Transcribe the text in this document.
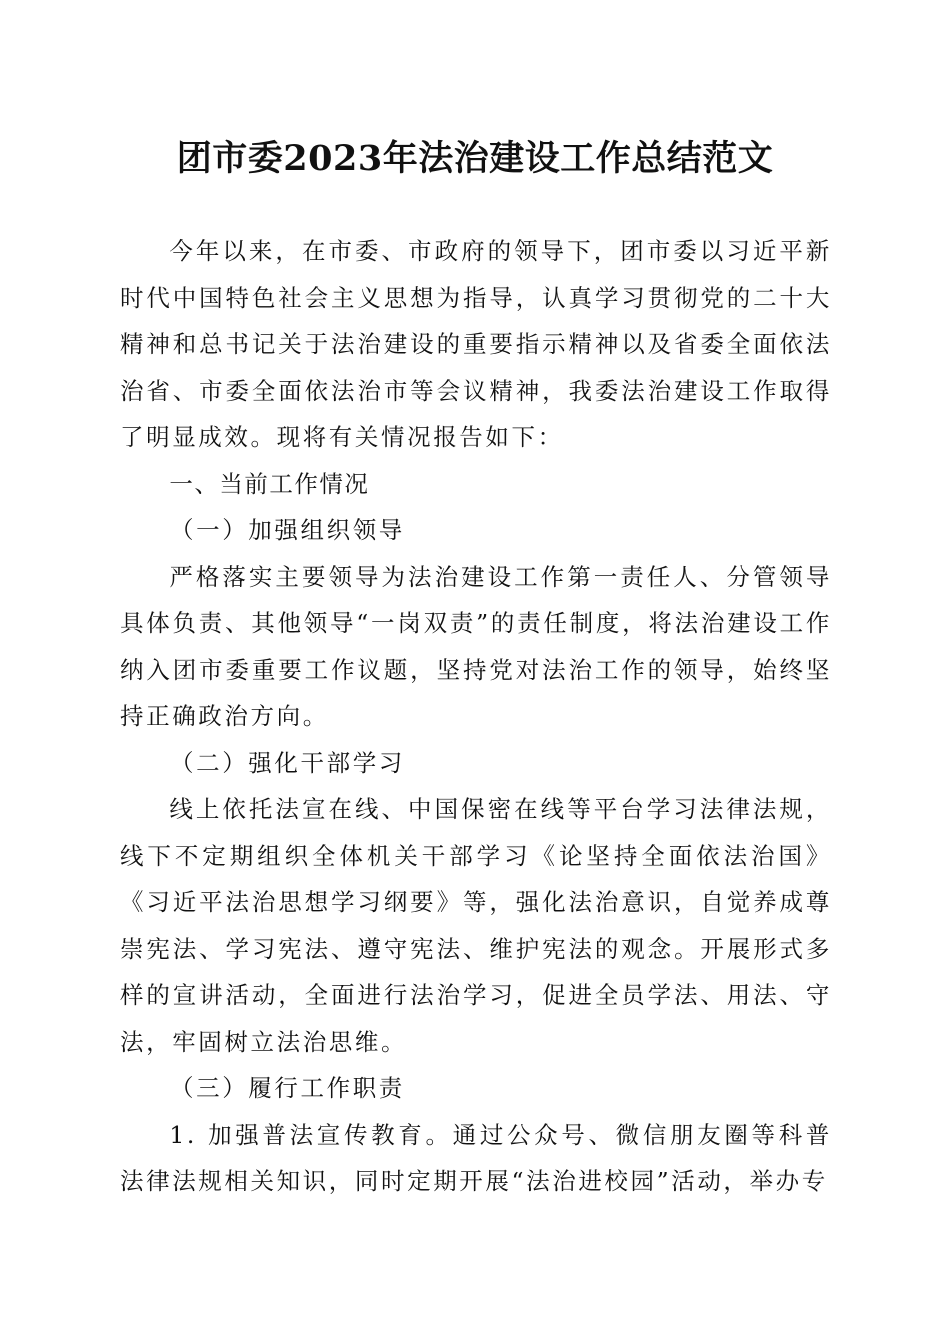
团市委2023年法治建设工作总结范文

今年以来，在市委、市政府的领导下，团市委以习近平新时代中国特色社会主义思想为指导，认真学习贯彻党的二十大精神和总书记关于法治建设的重要指示精神以及省委全面依法治省、市委全面依法治市等会议精神，我委法治建设工作取得了明显成效。现将有关情况报告如下：

一、当前工作情况
（一）加强组织领导

严格落实主要领导为法治建设工作第一责任人、分管领导具体负责、其他领导“一岗双责”的责任制度，将法治建设工作纳入团市委重要工作议题，坚持党对法治工作的领导，始终坚持正确政治方向。

（二）强化干部学习

线上依托法宣在线、中国保密在线等平台学习法律法规，线下不定期组织全体机关干部学习《论坚持全面依法治国》《习近平法治思想学习纲要》等，强化法治意识，自觉养成尊崇宪法、学习宪法、遵守宪法、维护宪法的观念。开展形式多样的宣讲活动，全面进行法治学习，促进全员学法、用法、守法，牢固树立法治思维。

（三）履行工作职责

1. 加强普法宣传教育。通过公众号、微信朋友圈等科普法律法规相关知识，同时定期开展“法治进校园”活动，举办专
